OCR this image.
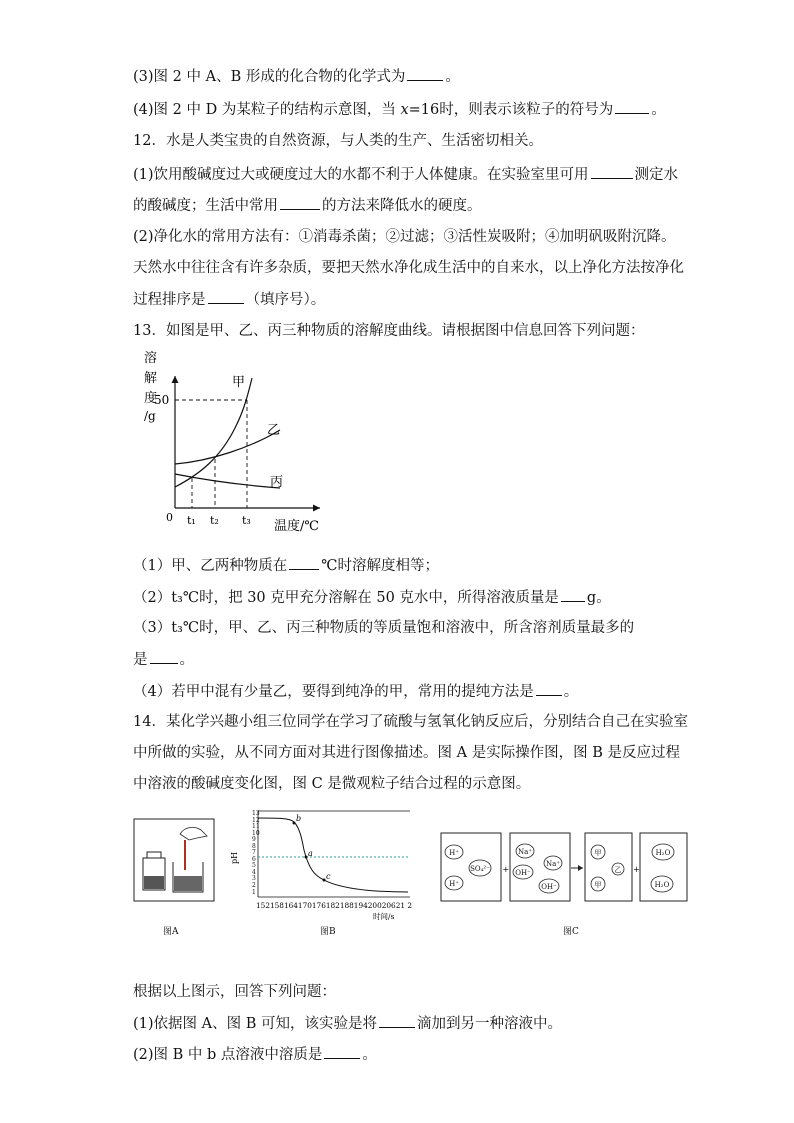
(3)图 2 中 A、B 形成的化合物的化学式为	。
(4)图 2 中 D 为某粒子的结构示意图，当 x=16时，则表示该粒子的符号为	。
12．水是人类宝贵的自然资源，与人类的生产、生活密切相关。
(1)饮用酸碱度过大或硬度过大的水都不利于人体健康。在实验室里可用	测定水
的酸碱度；生活中常用	的方法来降低水的硬度。
(2)净化水的常用方法有：①消毒杀菌；②过滤；③活性炭吸附；④加明矾吸附沉降。
天然水中往往含有许多杂质，要把天然水净化成生活中的自来水，以上净化方法按净化
过程排序是	（填序号）。
13．如图是甲、乙、丙三种物质的溶解度曲线。请根据图中信息回答下列问题：
溶
解
度
/g
50
0
甲
乙
丙
t₁ t₂ t₃ 温度/℃
（1）甲、乙两种物质在 ℃时溶解度相等；
（2）t₃℃时，把 30 克甲充分溶解在 50 克水中，所得溶液质量是 g。
（3）t₃℃时，甲、乙、丙三种物质的等质量饱和溶液中，所含溶剂质量最多的
是 。
（4）若甲中混有少量乙，要得到纯净的甲，常用的提纯方法是 。
14．某化学兴趣小组三位同学在学习了硫酸与氢氧化钠反应后，分别结合自己在实验室
中所做的实验，从不同方面对其进行图像描述。图 A 是实际操作图，图 B 是反应过程
中溶液的酸碱度变化图，图 C 是微观粒子结合过程的示意图。
图A
pH
13
12
11
10
9
8
7
6
5
4
3
2
1
b
a
c
15215816417017618218819420020621 2
时间/s
图B
H⁺
SO₄²⁻
H⁺
Na⁺
Na⁺
OH⁻
OH⁻
甲
乙
甲
H₂O
H₂O
+	+
图C
根据以上图示，回答下列问题：
(1)依据图 A、图 B 可知，该实验是将	滴加到另一种溶液中。
(2)图 B 中 b 点溶液中溶质是	。
